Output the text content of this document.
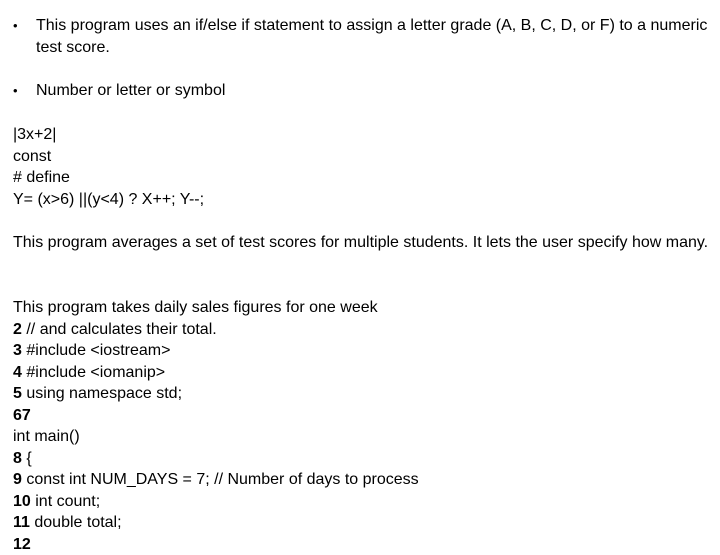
• This program uses an if/else if statement to assign a letter grade (A, B, C, D, or F) to a numeric test score.
• Number or letter or symbol
|3x+2|
const
# define
Y= (x>6) ||(y<4) ? X++; Y--;
This program averages a set of test scores for multiple students. It lets the user specify how many.
This program takes daily sales figures for one week
2 // and calculates their total.
3 #include <iostream>
4 #include <iomanip>
5 using namespace std;
67
int main()
8 {
9 const int NUM_DAYS = 7; // Number of days to process
10 int count;
11 double total;
12
